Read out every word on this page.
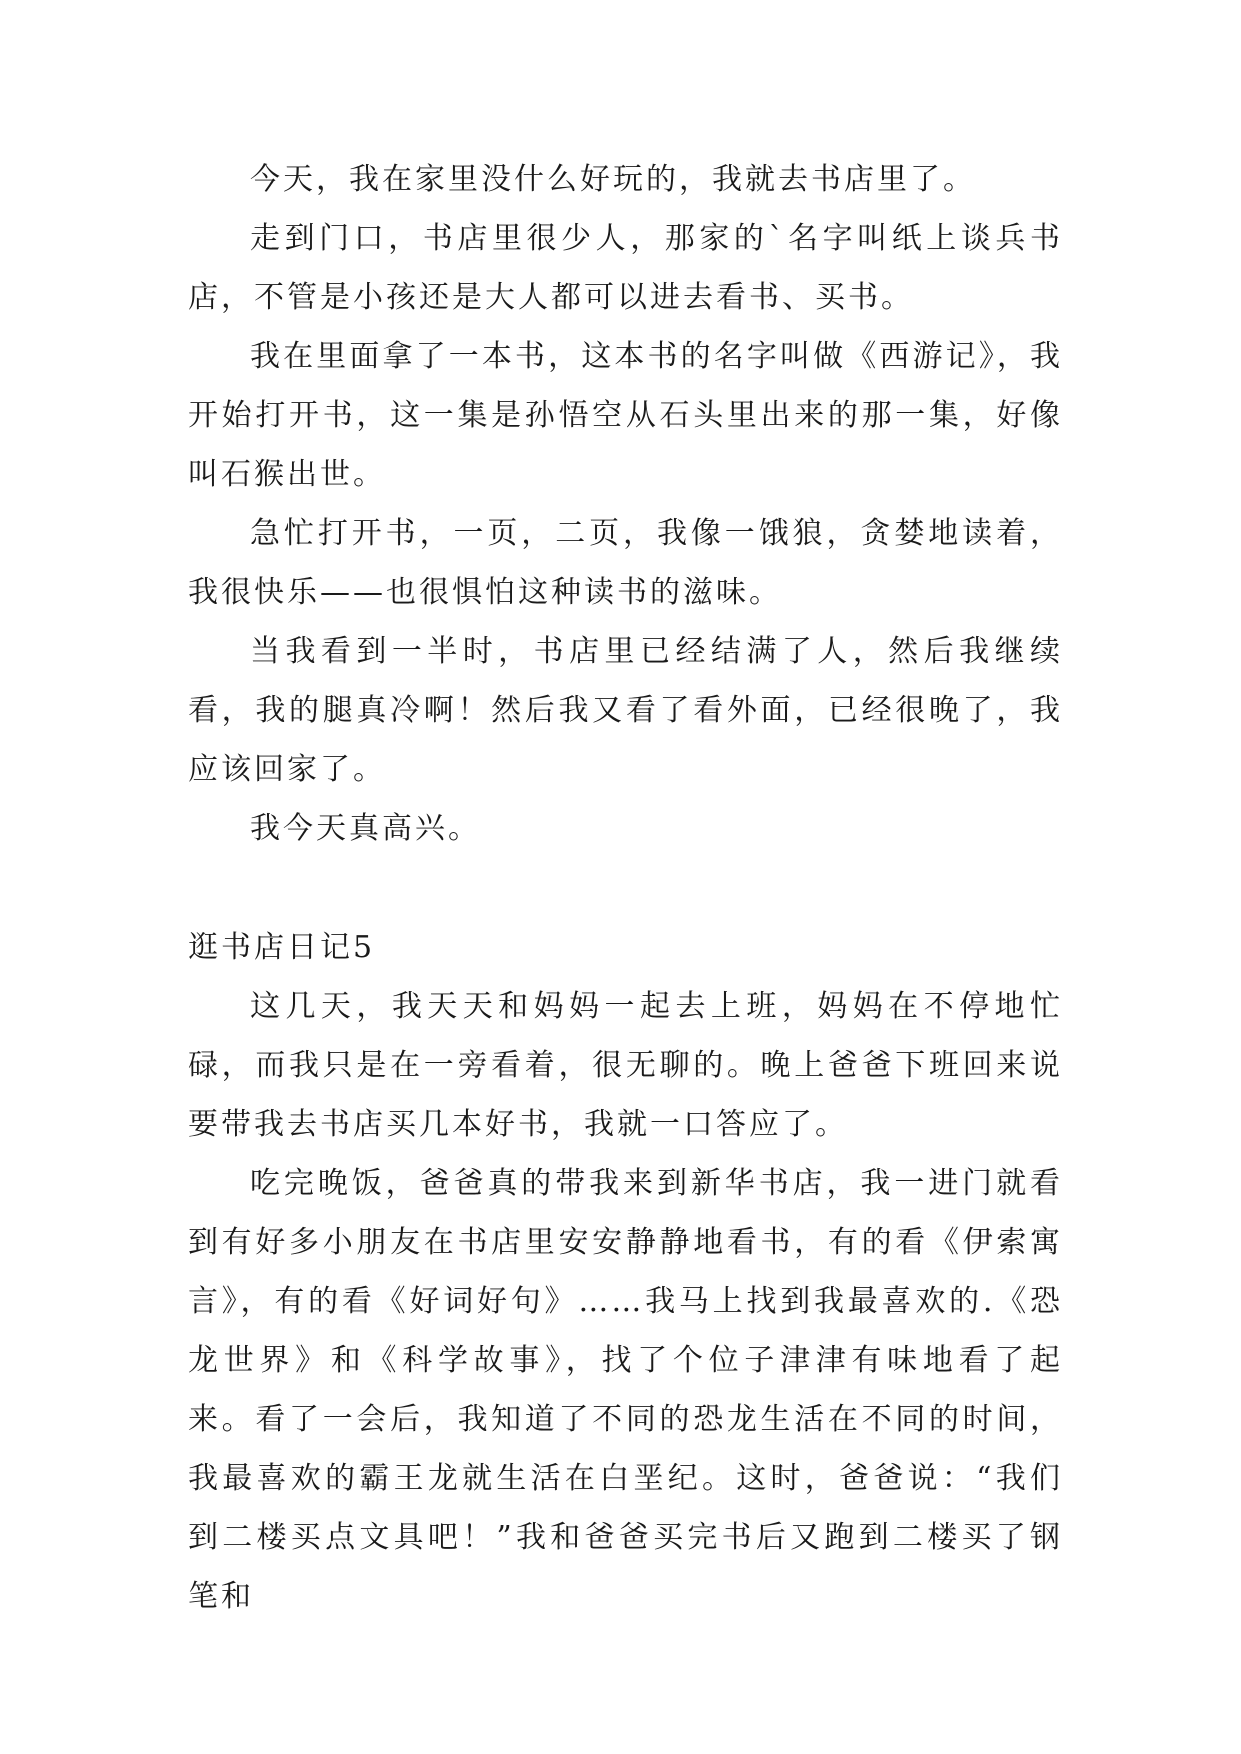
今天，我在家里没什么好玩的，我就去书店里了。

走到门口，书店里很少人，那家的`名字叫纸上谈兵书店，不管是小孩还是大人都可以进去看书、买书。

我在里面拿了一本书，这本书的名字叫做《西游记》，我开始打开书，这一集是孙悟空从石头里出来的那一集，好像叫石猴出世。

急忙打开书，一页，二页，我像一饿狼，贪婪地读着，我很快乐——也很惧怕这种读书的滋味。

当我看到一半时，书店里已经结满了人，然后我继续看，我的腿真冷啊！然后我又看了看外面，已经很晚了，我应该回家了。

我今天真高兴。

逛书店日记5

这几天，我天天和妈妈一起去上班，妈妈在不停地忙碌，而我只是在一旁看着，很无聊的。晚上爸爸下班回来说要带我去书店买几本好书，我就一口答应了。

吃完晚饭，爸爸真的带我来到新华书店，我一进门就看到有好多小朋友在书店里安安静静地看书，有的看《伊索寓言》，有的看《好词好句》……我马上找到我最喜欢的.《恐龙世界》和《科学故事》，找了个位子津津有味地看了起来。看了一会后，我知道了不同的恐龙生活在不同的时间，我最喜欢的霸王龙就生活在白垩纪。这时，爸爸说：“我们到二楼买点文具吧！”我和爸爸买完书后又跑到二楼买了钢笔和
